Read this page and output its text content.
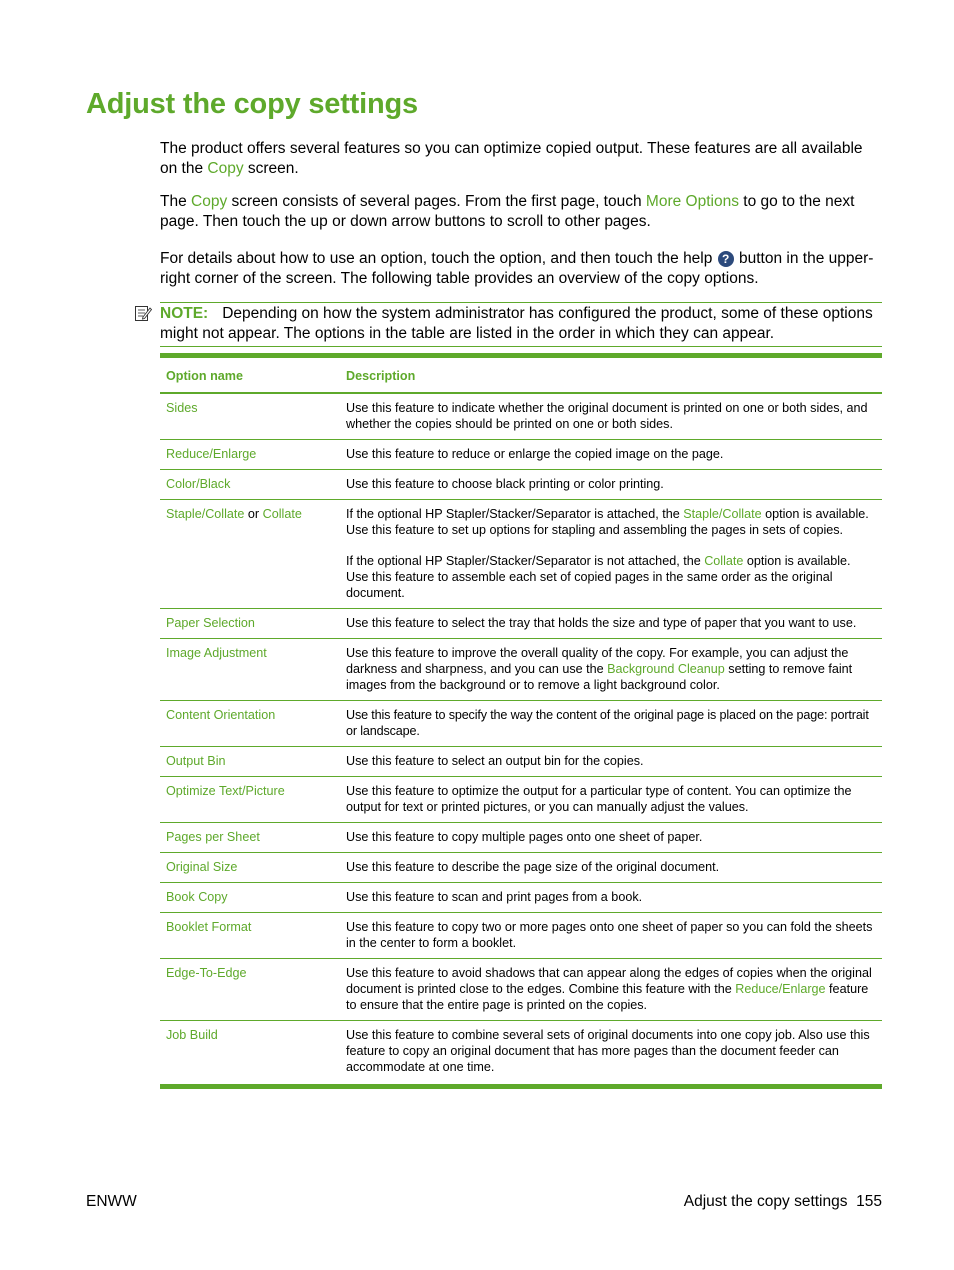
Adjust the copy settings

The product offers several features so you can optimize copied output. These features are all available on the Copy screen.

The Copy screen consists of several pages. From the first page, touch More Options to go to the next page. Then touch the up or down arrow buttons to scroll to other pages.

For details about how to use an option, touch the option, and then touch the help ? button in the upper-right corner of the screen. The following table provides an overview of the copy options.

NOTE: Depending on how the system administrator has configured the product, some of these options might not appear. The options in the table are listed in the order in which they can appear.
Option name	Description
Sides	Use this feature to indicate whether the original document is printed on one or both sides, and whether the copies should be printed on one or both sides.
Reduce/Enlarge	Use this feature to reduce or enlarge the copied image on the page.
Color/Black	Use this feature to choose black printing or color printing.
Staple/Collate or Collate	If the optional HP Stapler/Stacker/Separator is attached, the Staple/Collate option is available. Use this feature to set up options for stapling and assembling the pages in sets of copies.

If the optional HP Stapler/Stacker/Separator is not attached, the Collate option is available. Use this feature to assemble each set of copied pages in the same order as the original document.

Paper Selection	Use this feature to select the tray that holds the size and type of paper that you want to use.
Image Adjustment	Use this feature to improve the overall quality of the copy. For example, you can adjust the darkness and sharpness, and you can use the Background Cleanup setting to remove faint images from the background or to remove a light background color.
Content Orientation	Use this feature to specify the way the content of the original page is placed on the page: portrait or landscape.
Output Bin	Use this feature to select an output bin for the copies.
Optimize Text/Picture	Use this feature to optimize the output for a particular type of content. You can optimize the output for text or printed pictures, or you can manually adjust the values.
Pages per Sheet	Use this feature to copy multiple pages onto one sheet of paper.
Original Size	Use this feature to describe the page size of the original document.
Book Copy	Use this feature to scan and print pages from a book.
Booklet Format	Use this feature to copy two or more pages onto one sheet of paper so you can fold the sheets in the center to form a booklet.
Edge-To-Edge	Use this feature to avoid shadows that can appear along the edges of copies when the original document is printed close to the edges. Combine this feature with the Reduce/Enlarge feature to ensure that the entire page is printed on the copies.
Job Build	Use this feature to combine several sets of original documents into one copy job. Also use this feature to copy an original document that has more pages than the document feeder can accommodate at one time.
ENWW	Adjust the copy settings 155
